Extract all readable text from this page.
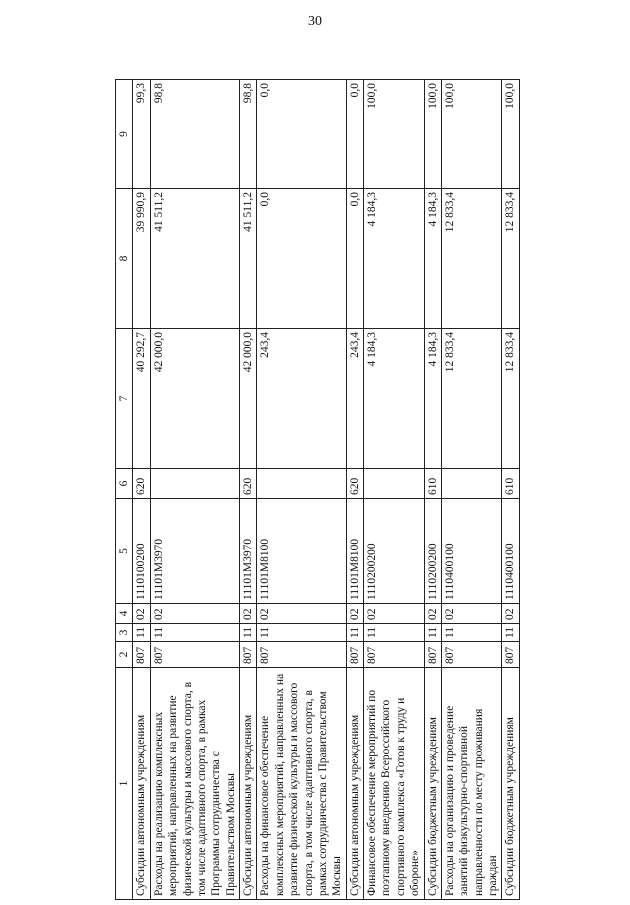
30
1	2	3	4	5	6	7	8	9
Субсидии автономным учреждениям	807	11	02	1110100200	620	40 292,7	39 990,9	99,3
Расходы на реализацию комплексных мероприятий, направленных на развитие физической культуры и массового спорта, в том числе адаптивного спорта, в рамках Программы сотрудничества с Правительством Москвы	807	11	02	11101М3970		42 000,0	41 511,2	98,8
Субсидии автономным учреждениям	807	11	02	11101М3970	620	42 000,0	41 511,2	98,8
Расходы на финансовое обеспечение комплексных мероприятий, направленных на развитие физической культуры и массового спорта, в том числе адаптивного спорта, в рамках сотрудничества с Правительством Москвы	807	11	02	11101М8100		243,4	0,0	0,0
Субсидии автономным учреждениям	807	11	02	11101М8100	620	243,4	0,0	0,0
Финансовое обеспечение мероприятий по поэтапному внедрению Всероссийского спортивного комплекса «Готов к труду и обороне»	807	11	02	1110200200		4 184,3	4 184,3	100,0
Субсидии бюджетным учреждениям	807	11	02	1110200200	610	4 184,3	4 184,3	100,0
Расходы на организацию и проведение занятий физкультурно-спортивной направленности по месту проживания граждан	807	11	02	1110400100		12 833,4	12 833,4	100,0
Субсидии бюджетным учреждениям	807	11	02	1110400100	610	12 833,4	12 833,4	100,0
